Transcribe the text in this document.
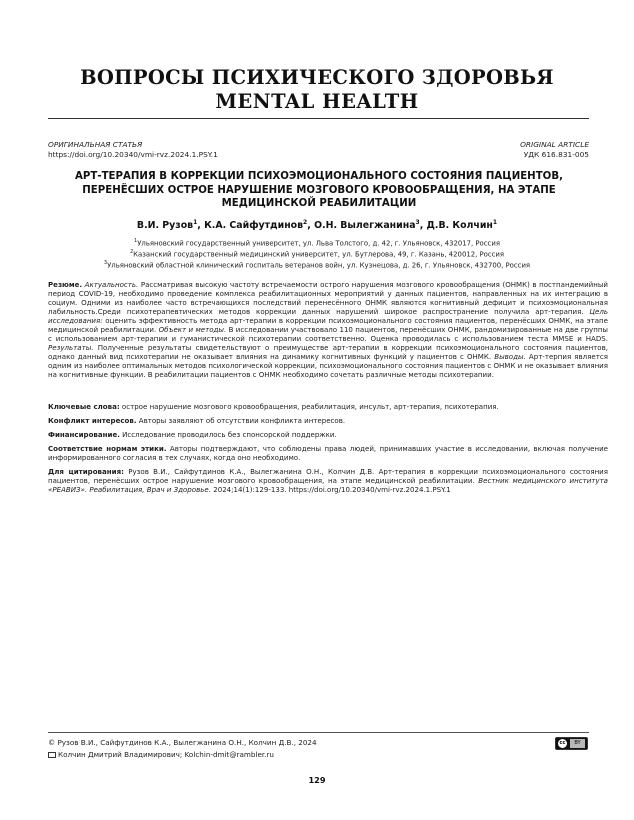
ВОПРОСЫ ПСИХИЧЕСКОГО ЗДОРОВЬЯ
MENTAL HEALTH
ОРИГИНАЛЬНАЯ СТАТЬЯ
https://doi.org/10.20340/vmi-rvz.2024.1.PSY.1
ORIGINAL ARTICLE
УДК 616.831-005
АРТ-ТЕРАПИЯ В КОРРЕКЦИИ ПСИХОЭМОЦИОНАЛЬНОГО СОСТОЯНИЯ ПАЦИЕНТОВ, ПЕРЕНЁСШИХ ОСТРОЕ НАРУШЕНИЕ МОЗГОВОГО КРОВООБРАЩЕНИЯ, НА ЭТАПЕ МЕДИЦИНСКОЙ РЕАБИЛИТАЦИИ
В.И. Рузов$^1$, К.А. Сайфутдинов$^2$, О.Н. Вылегжанина$^3$, Д.В. Колчин$^1$
$^1$Ульяновский государственный университет, ул. Льва Толстого, д. 42, г. Ульяновск, 432017, Россия
$^2$Казанский государственный медицинский университет, ул. Бутлерова, 49, г. Казань, 420012, Россия
$^3$Ульяновский областной клинический госпиталь ветеранов войн, ул. Кузнецова, д. 26, г. Ульяновск, 432700, Россия
Резюме. Актуальность. Рассматривая высокую частоту встречаемости острого нарушения мозгового кровообращения (ОНМК) в постпандемийный период COVID-19, необходимо проведение комплекса реабилитационных мероприятий у данных пациентов, направленных на их интеграцию в социум. Одними из наиболее часто встречающихся последствий перенесённого ОНМК являются когнитивный дефицит и психоэмоциональная лабильность.Среди психотерапевтических методов коррекции данных нарушений широкое распространение получила арт-терапия. Цель исследования: оценить эффективность метода арт-терапии в коррекции психоэмоционального состояния пациентов, перенёсших ОНМК, на этапе медицинской реабилитации. Объект и методы. В исследовании участвовало 110 пациентов, перенёсших ОНМК, рандомизированные на две группы с использованием арт-терапии и гуманистической психотерапии соответственно. Оценка проводилась с использованием теста MMSE и HADS. Результаты. Полученные результаты свидетельствуют о преимуществе арт-терапии в коррекции психоэмоционального состояния пациентов, однако данный вид психотерапии не оказывает влияния на динамику когнитивных функций у пациентов с ОНМК. Выводы. Арт-терпия является одним из наиболее оптимальных методов психологической коррекции, психоэмоционального состояния пациентов с ОНМК и не оказывает влияния на когнитивные функции. В реабилитации пациентов с ОНМК необходимо сочетать различные методы психотерапии.
Ключевые слова: острое нарушение мозгового кровообращения, реабилитация, инсульт, арт-терапия, психотерапия.
Конфликт интересов. Авторы заявляют об отсутствии конфликта интересов.
Финансирование. Исследование проводилось без спонсорской поддержки.
Соответствие нормам этики. Авторы подтверждают, что соблюдены права людей, принимавших участие в исследовании, включая получение информированного согласия в тех случаях, когда оно необходимо.
Для цитирования: Рузов В.И., Сайфутдинов К.А., Вылегжанина О.Н., Колчин Д.В. Арт-терапия в коррекции психоэмоционального состояния пациентов, перенёсших острое нарушение мозгового кровообращения, на этапе медицинской реабилитации. Вестник медицинского института «РЕАВИЗ». Реабилитация, Врач и Здоровье. 2024;14(1):129-133. https://doi.org/10.20340/vmi-rvz.2024.1.PSY.1
© Рузов В.И., Сайфутдинов К.А., Вылегжанина О.Н., Колчин Д.В., 2024
Колчин Дмитрий Владимирович; Kolchin-dmit@rambler.ru
cc	BY
129
